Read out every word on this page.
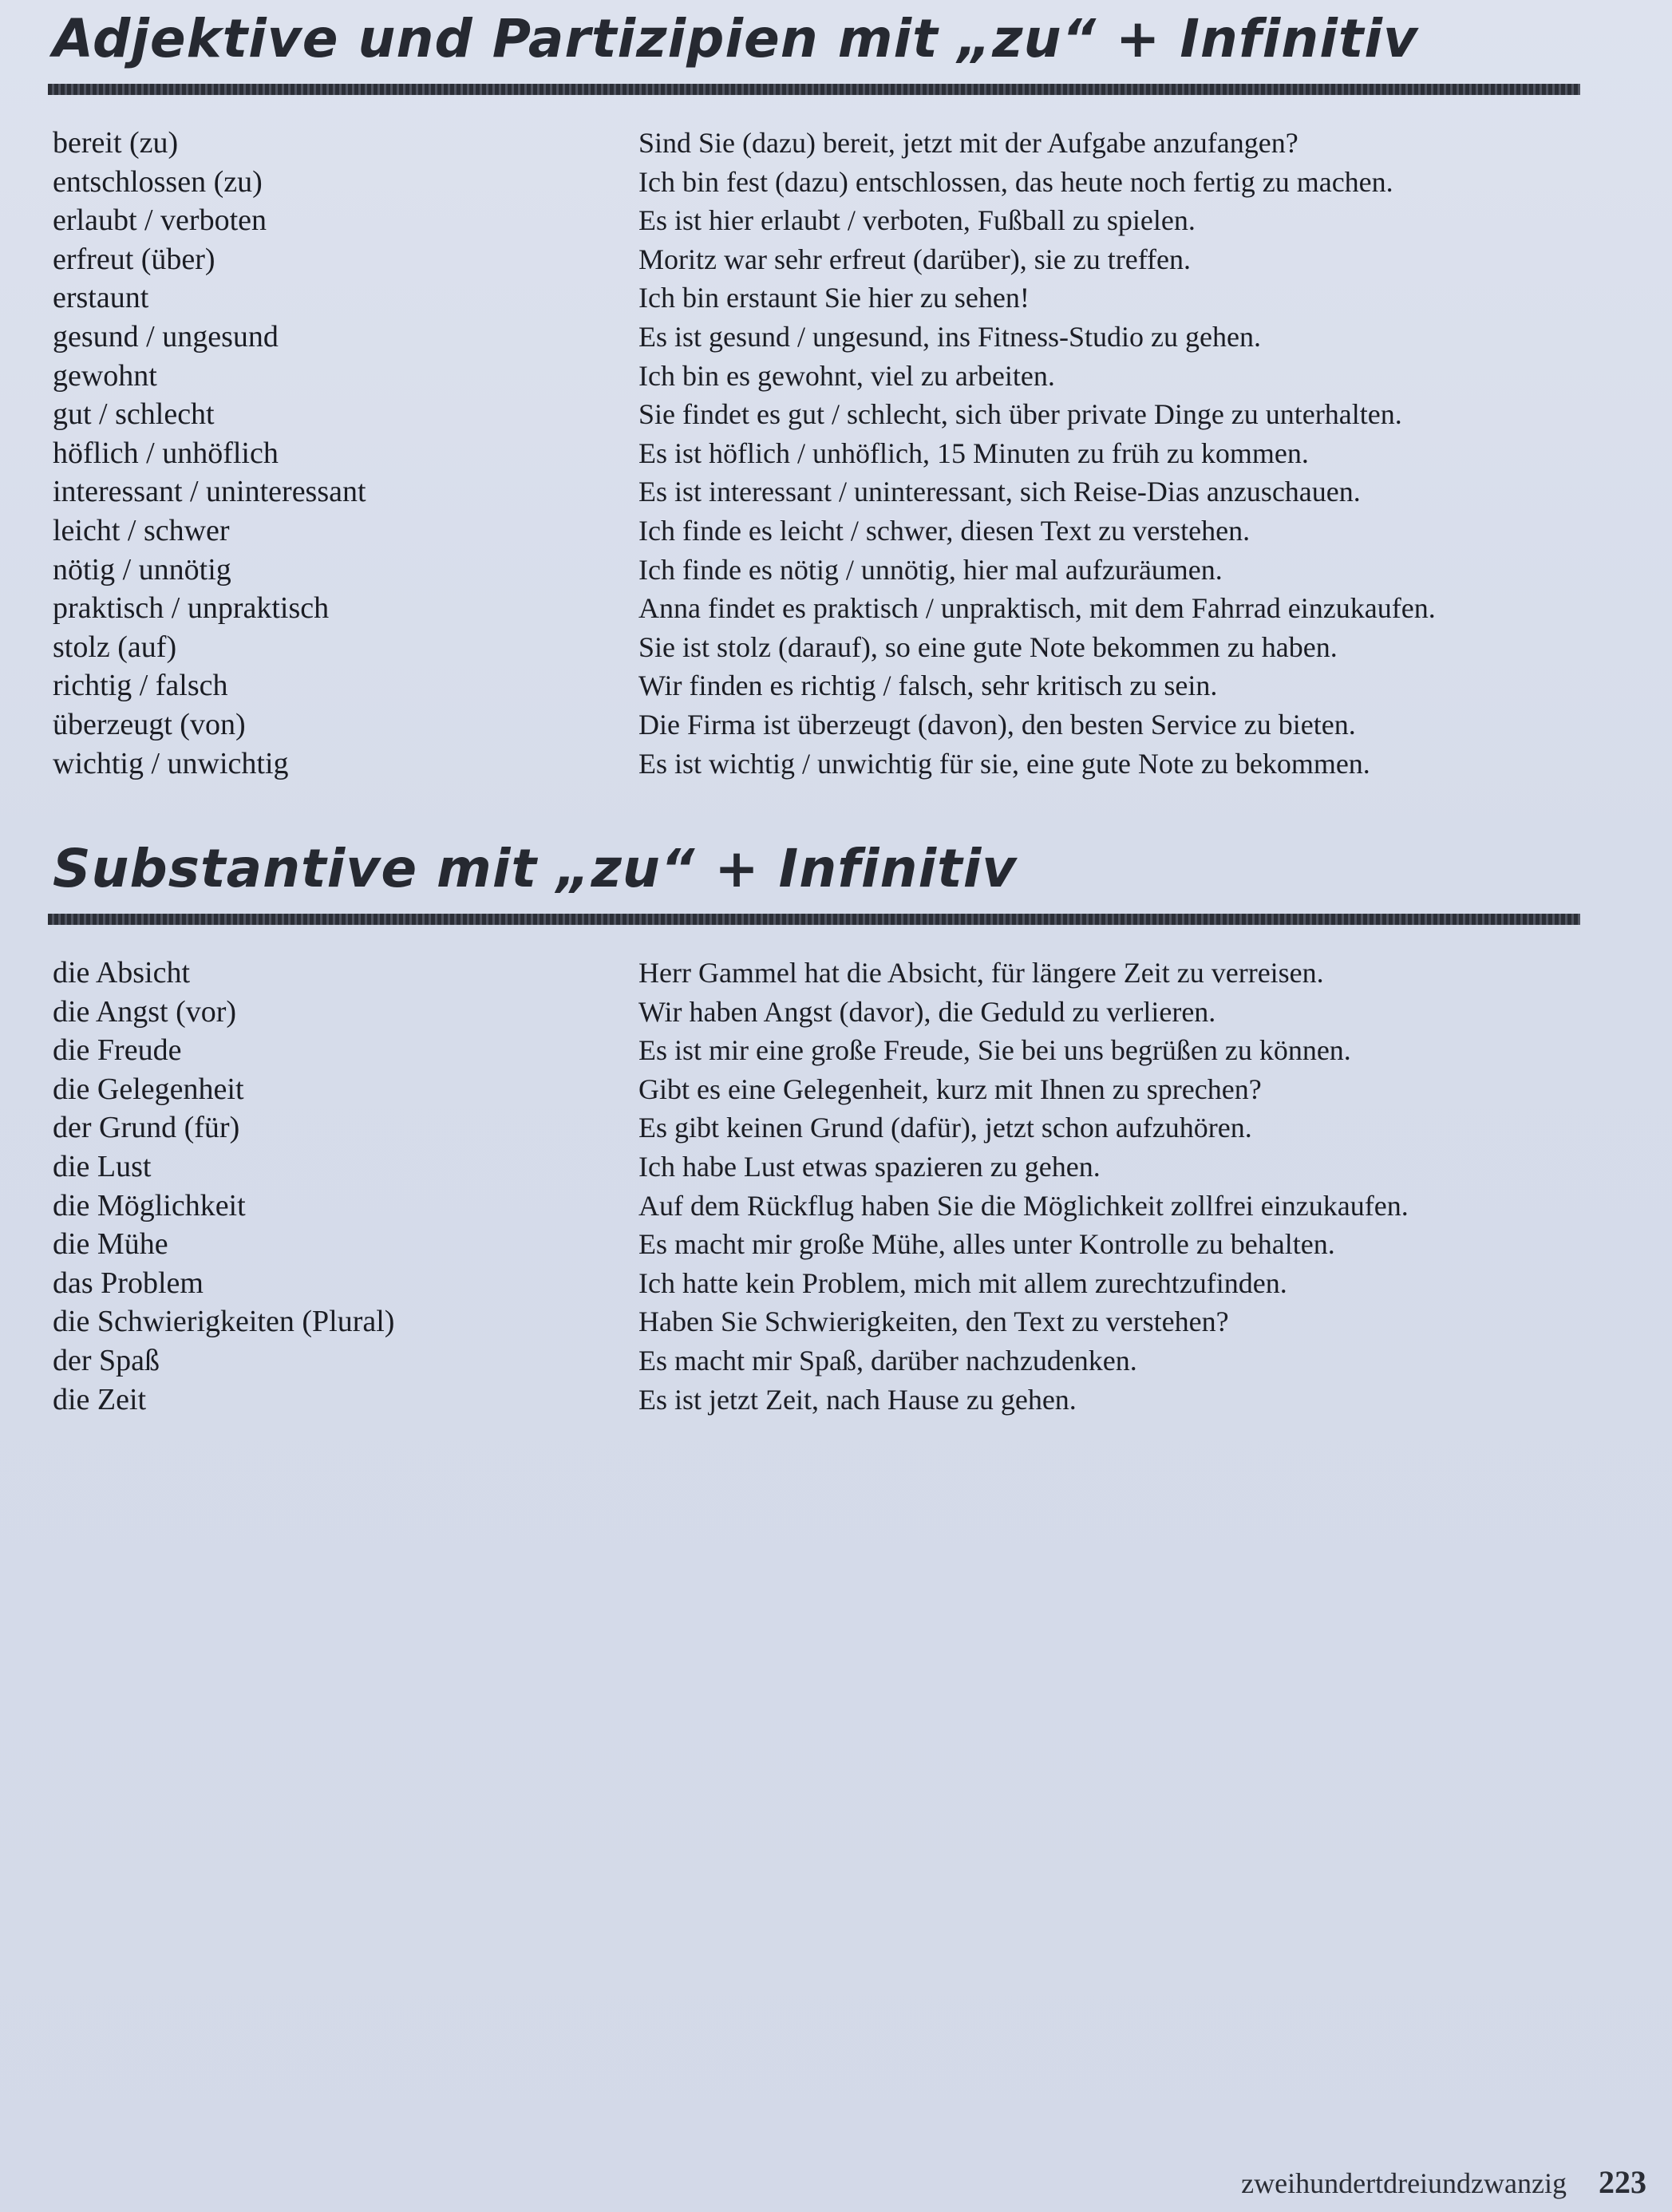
Adjektive und Partizipien mit „zu“ + Infinitiv
bereit (zu)	Sind Sie (dazu) bereit, jetzt mit der Aufgabe anzufangen?
entschlossen (zu)	Ich bin fest (dazu) entschlossen, das heute noch fertig zu machen.
erlaubt / verboten	Es ist hier erlaubt / verboten, Fußball zu spielen.
erfreut (über)	Moritz war sehr erfreut (darüber), sie zu treffen.
erstaunt	Ich bin erstaunt Sie hier zu sehen!
gesund / ungesund	Es ist gesund / ungesund, ins Fitness-Studio zu gehen.
gewohnt	Ich bin es gewohnt, viel zu arbeiten.
gut / schlecht	Sie findet es gut / schlecht, sich über private Dinge zu unterhalten.
höflich / unhöflich	Es ist höflich / unhöflich, 15 Minuten zu früh zu kommen.
interessant / uninteressant	Es ist interessant / uninteressant, sich Reise-Dias anzuschauen.
leicht / schwer	Ich finde es leicht / schwer, diesen Text zu verstehen.
nötig / unnötig	Ich finde es nötig / unnötig, hier mal aufzuräumen.
praktisch / unpraktisch	Anna findet es praktisch / unpraktisch, mit dem Fahrrad einzukaufen.
stolz (auf)	Sie ist stolz (darauf), so eine gute Note bekommen zu haben.
richtig / falsch	Wir finden es richtig / falsch, sehr kritisch zu sein.
überzeugt (von)	Die Firma ist überzeugt (davon), den besten Service zu bieten.
wichtig / unwichtig	Es ist wichtig / unwichtig für sie, eine gute Note zu bekommen.
Substantive mit „zu“ + Infinitiv
die Absicht	Herr Gammel hat die Absicht, für längere Zeit zu verreisen.
die Angst (vor)	Wir haben Angst (davor), die Geduld zu verlieren.
die Freude	Es ist mir eine große Freude, Sie bei uns begrüßen zu können.
die Gelegenheit	Gibt es eine Gelegenheit, kurz mit Ihnen zu sprechen?
der Grund (für)	Es gibt keinen Grund (dafür), jetzt schon aufzuhören.
die Lust	Ich habe Lust etwas spazieren zu gehen.
die Möglichkeit	Auf dem Rückflug haben Sie die Möglichkeit zollfrei einzukaufen.
die Mühe	Es macht mir große Mühe, alles unter Kontrolle zu behalten.
das Problem	Ich hatte kein Problem, mich mit allem zurechtzufinden.
die Schwierigkeiten (Plural)	Haben Sie Schwierigkeiten, den Text zu verstehen?
der Spaß	Es macht mir Spaß, darüber nachzudenken.
die Zeit	Es ist jetzt Zeit, nach Hause zu gehen.
zweihundertdreiundzwanzig 223
